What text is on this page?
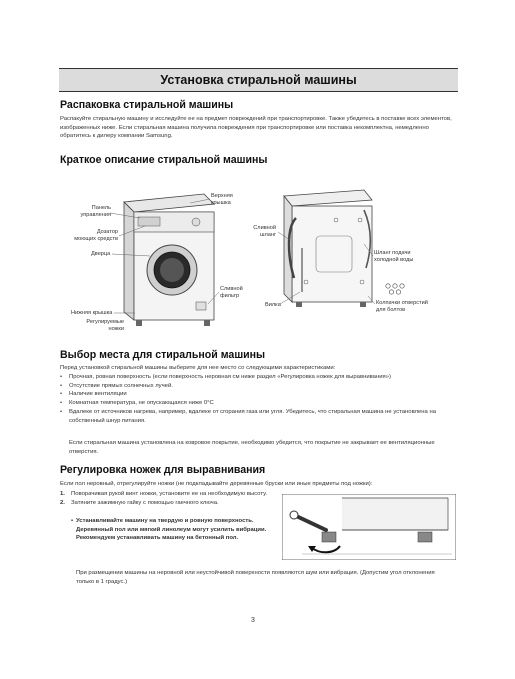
Установка стиральной машины
Распаковка стиральной машины
Распакуйте стиральную машину и исследуйте ее на предмет повреждений при транспортировке. Также убедитесь в поставке всех элементов, изображенных ниже. Если стиральная машина получила повреждения при транспортировке или поставка некомплектна, немедленно обратитесь к дилеру компании Samsung.
Краткое описание стиральной машины
Верхняя
крышка
Панель
управления
Дозатор
моющих средств
Дверца
Сливной
фильтр
Нижняя крышка
Регулируемые
ножки
Сливной
шланг
Шланг подачи
холодной воды
Вилка	Колпачки отверстий
для болтов
Выбор места для стиральной машины
Перед установкой стиральной машины выберите для нее место со следующими характеристиками:
• Прочная, ровная поверхность (если поверхность неровная см ниже раздел «Регулировка ножек для выравнивания»)
• Отсутствие прямых солнечных лучей.
• Наличие вентиляции
• Комнатная температура, не опускающаяся ниже 0°C
• Вдалеке от источников нагрева, например, вдалеке от сгорания газа или угля. Убедитесь, что стиральная машина не установлена на собственный шнур питания.
Если стиральная машина установлена на ковровое покрытие, необходимо убедится, что покрытие не закрывает ее вентиляционные отверстия.
Регулировка ножек для выравнивания
Если пол неровный, отрегулируйте ножки (не подкладывайте деревянные бруски или иные предметы под ножки):
1. Поворачивая рукой винт ножки, установите ее на необходимую высоту.
2. Затяните зажимную гайку с помощью гаечного ключа.
• Устанавливайте машину на твердую и ровную поверхность.
Деревянный пол или мягкий линолеум могут усилить вибрации. Рекомендуем устанавливать машину на бетонный пол.
При размещении машины на неровной или неустойчивой поверхности появляются шум или вибрация. (Допустим угол отклонения только в 1 градус.)
3
